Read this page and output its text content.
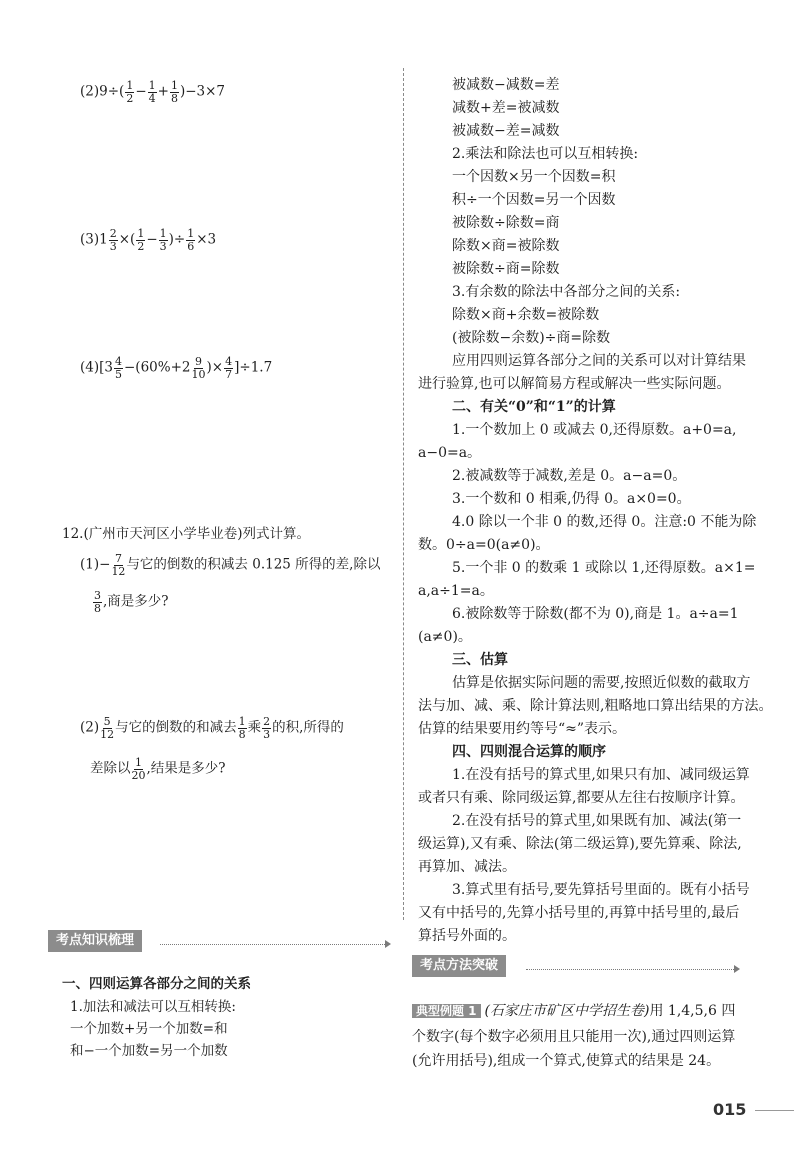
$(2)9\div( \frac{1}{2} - \frac{1}{4} + \frac{1}{8} )-3\times 7$
$(3)1 \frac{2}{3}$ ×( $\frac{1}{2} - \frac{1}{3}$ )÷ $\frac{1}{6} \times 3$
$(4)[3 \frac{4}{5} -(60\%+2 \frac{9}{10}$ )× $\frac{4}{7} ]\div 1.7$
12.(广州市天河区小学毕业卷)列式计算。
$(1)- \frac{7}{12}$ 与它的倒数的积减去 0.125 所得的差,除以
$\frac{3}{8}$ ,商是多少?
$(2) \frac{5}{12}$ 与它的倒数的和减去 $\frac{1}{8}$ 乘 $\frac{2}{3}$ 的积,所得的
差除以 $\frac{1}{20}$ ,结果是多少?
考点知识梳理
一、四则运算各部分之间的关系
1.加法和减法可以互相转换:
一个加数+另一个加数=和
和−一个加数=另一个加数
被减数−减数=差
减数+差=被减数
被减数−差=减数
2.乘法和除法也可以互相转换:
一个因数×另一个因数=积
积÷一个因数=另一个因数
被除数÷除数=商
除数×商=被除数
被除数÷商=除数
3.有余数的除法中各部分之间的关系:
除数×商+余数=被除数
(被除数−余数)÷商=除数
应用四则运算各部分之间的关系可以对计算结果
进行验算,也可以解简易方程或解决一些实际问题。
二、有关“0”和“1”的计算
1.一个数加上 0 或减去 0,还得原数。a+0=a,
a−0=a。
2.被减数等于减数,差是 0。a−a=0。
3.一个数和 0 相乘,仍得 0。a×0=0。
4.0 除以一个非 0 的数,还得 0。注意:0 不能为除
数。0÷a=0(a≠0)。
5.一个非 0 的数乘 1 或除以 1,还得原数。a×1=
a,a÷1=a。
6.被除数等于除数(都不为 0),商是 1。a÷a=1
(a≠0)。
三、估算
估算是依据实际问题的需要,按照近似数的截取方
法与加、减、乘、除计算法则,粗略地口算出结果的方法。
估算的结果要用约等号“≈”表示。
四、四则混合运算的顺序
1.在没有括号的算式里,如果只有加、减同级运算
或者只有乘、除同级运算,都要从左往右按顺序计算。
2.在没有括号的算式里,如果既有加、减法(第一
级运算),又有乘、除法(第二级运算),要先算乘、除法,
再算加、减法。
3.算式里有括号,要先算括号里面的。既有小括号
又有中括号的,先算小括号里的,再算中括号里的,最后
算括号外面的。
考点方法突破
典型例题 1 (石家庄市矿区中学招生卷)用 1,4,5,6 四
个数字(每个数字必须用且只能用一次),通过四则运算
(允许用括号),组成一个算式,使算式的结果是 24。
015
